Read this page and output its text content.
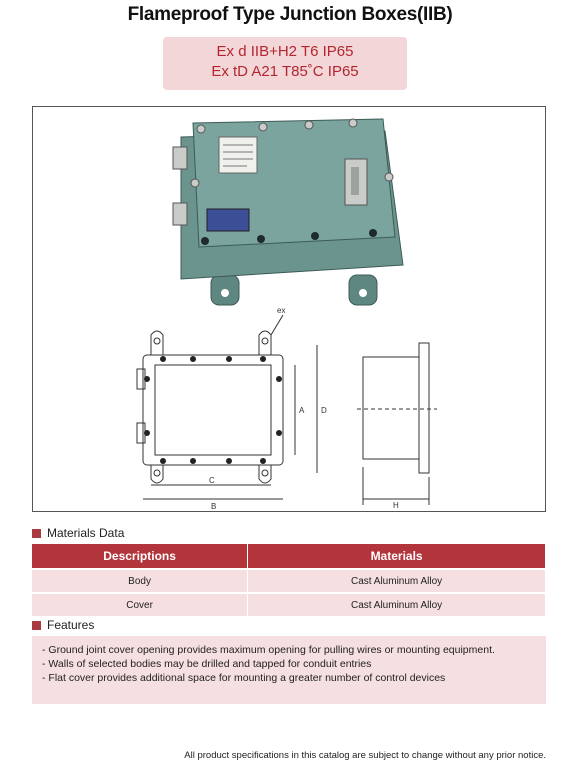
Flameproof Type Junction Boxes(IIB)
Ex d IIB+H2 T6 IP65
Ex tD A21 T85˚C IP65
ex
A
B
C
D
H
Materials Data
Descriptions	Materials
Body	Cast Aluminum Alloy
Cover	Cast Aluminum Alloy
Features
- Ground joint cover opening provides maximum opening for pulling wires or mounting equipment.
- Walls of selected bodies may be drilled and tapped for conduit entries
- Flat cover provides additional space for mounting a greater number of control devices
All product specifications in this catalog are subject to change without any prior notice.
